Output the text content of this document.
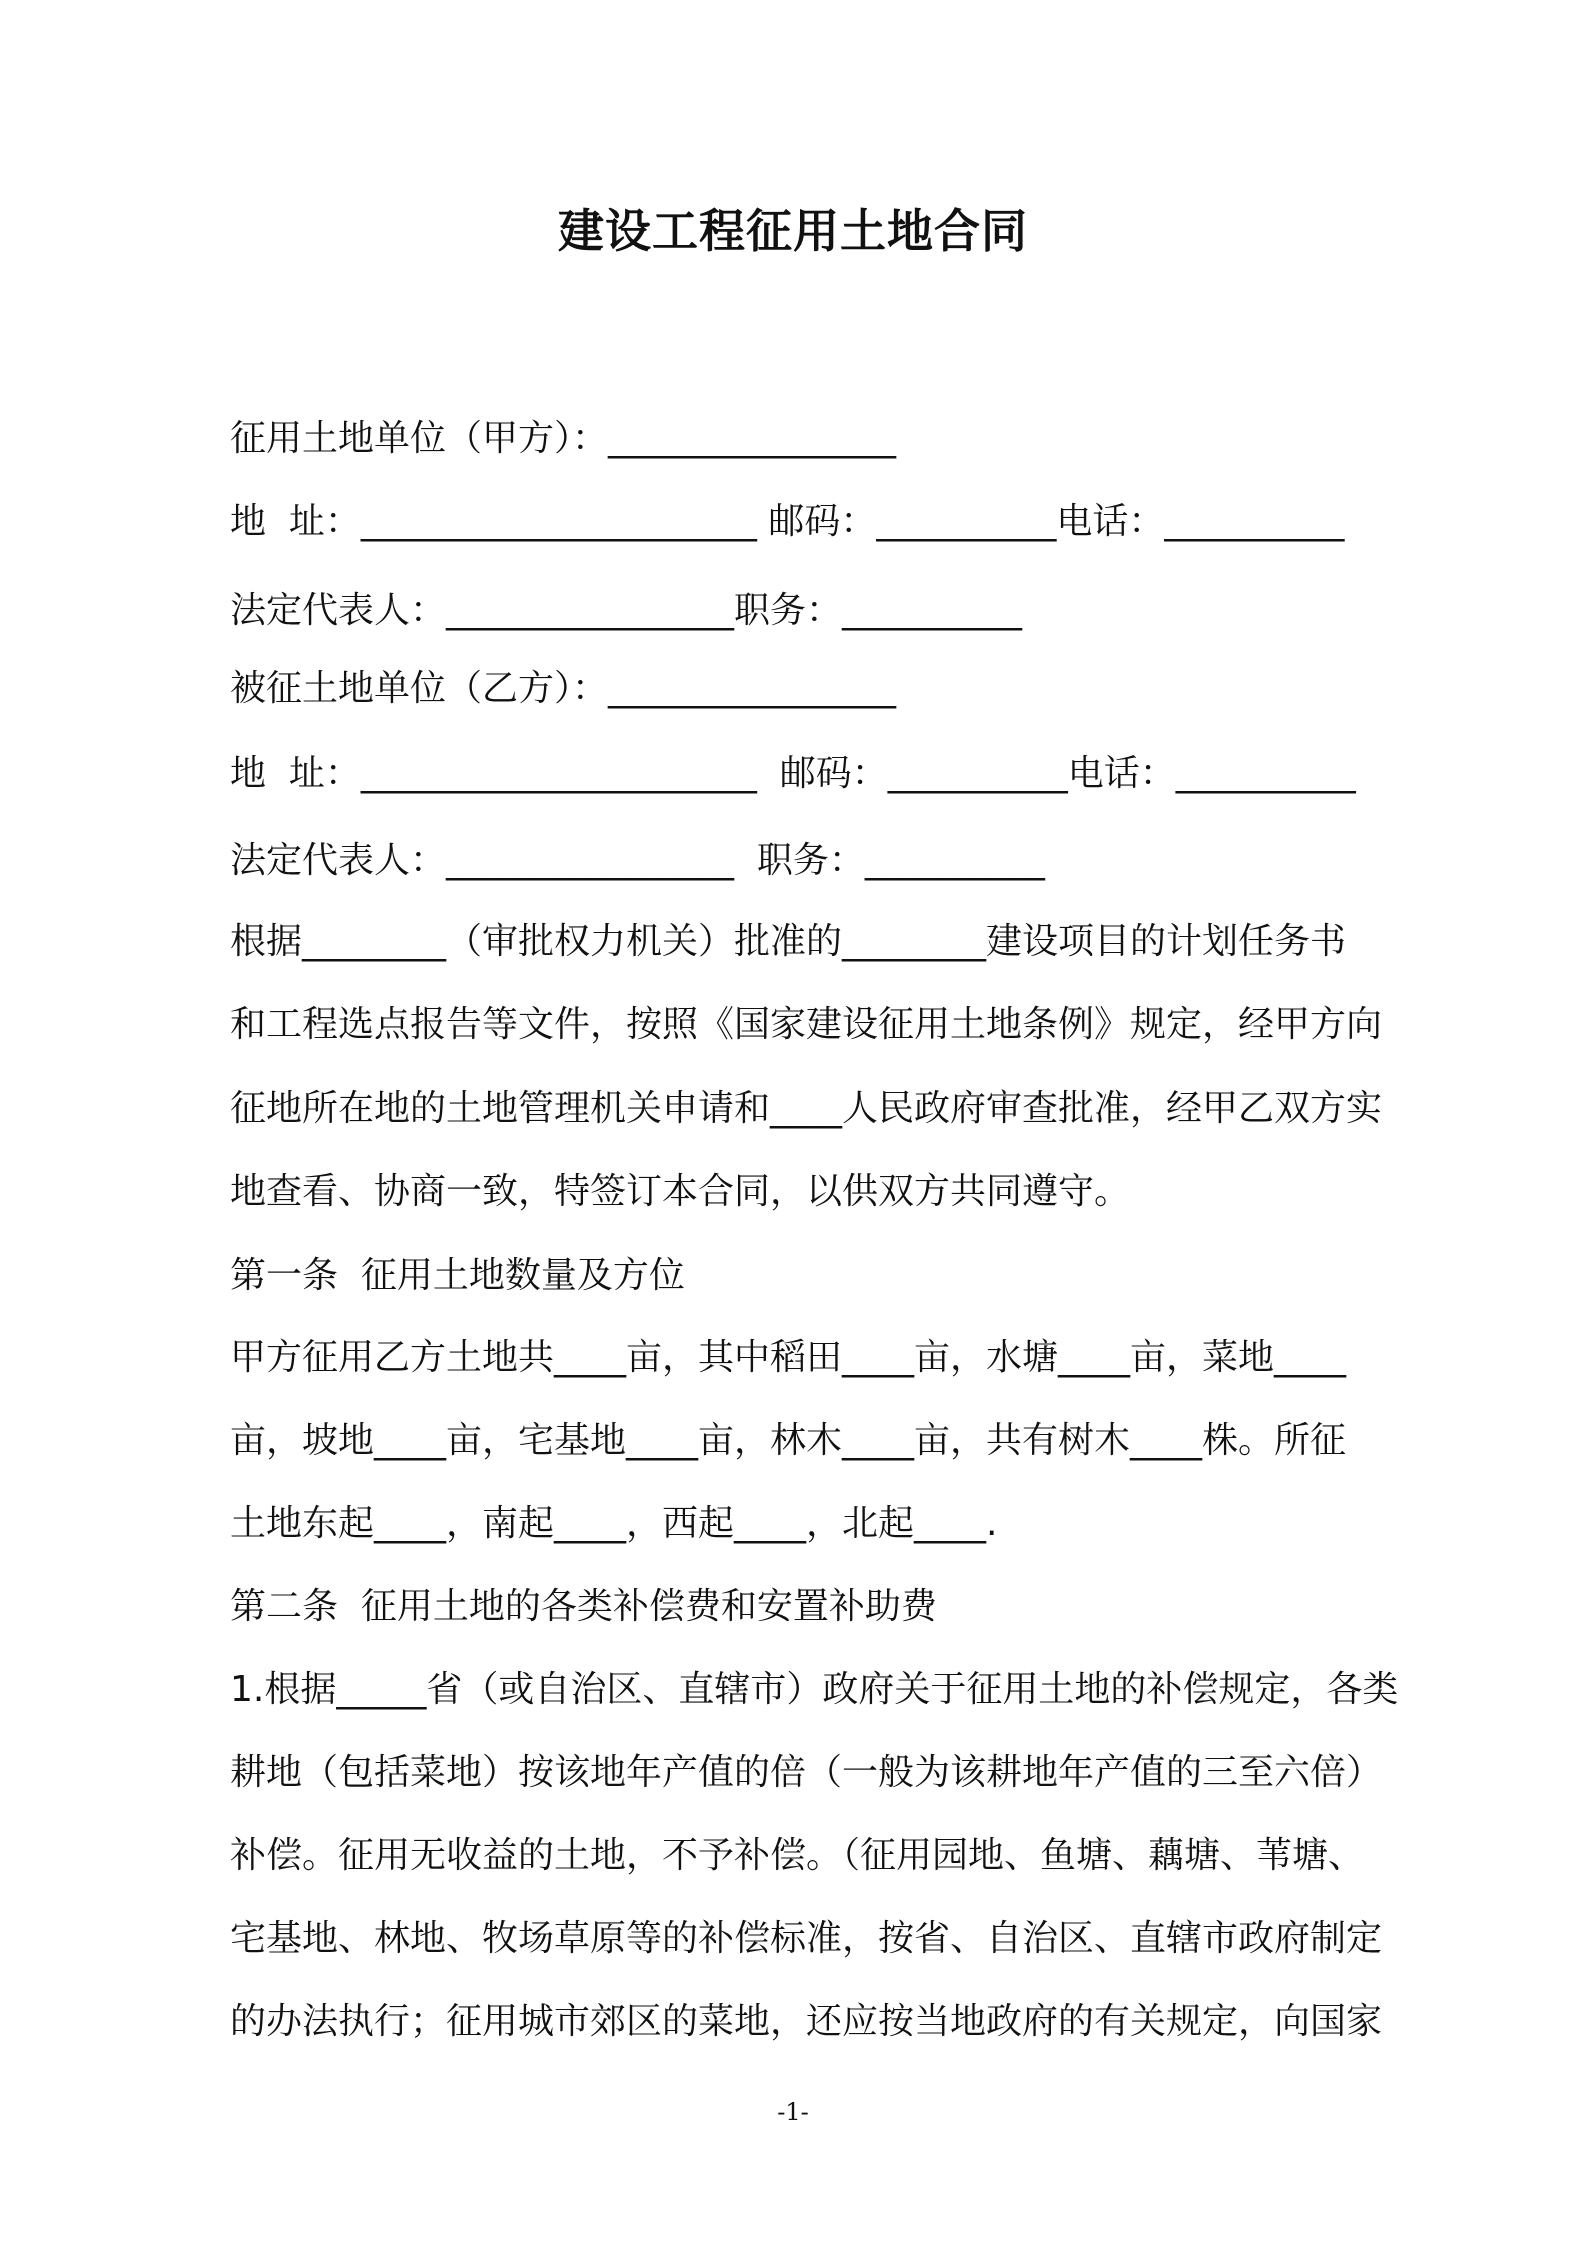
建设工程征用土地合同
征用土地单位（甲方）：________________
地  址：______________________ 邮码：__________电话：__________
法定代表人：________________职务：__________
被征土地单位（乙方）：________________
地  址：______________________  邮码：__________电话：__________
法定代表人：________________  职务：__________
根据________（审批权力机关）批准的________建设项目的计划任务书
和工程选点报告等文件，按照《国家建设征用土地条例》规定，经甲方向
征地所在地的土地管理机关申请和____人民政府审查批准，经甲乙双方实
地查看、协商一致，特签订本合同，以供双方共同遵守。
第一条  征用土地数量及方位
甲方征用乙方土地共____亩，其中稻田____亩，水塘____亩，菜地____
亩，坡地____亩，宅基地____亩，林木____亩，共有树木____株。所征
土地东起____，南起____，西起____，北起____.
第二条  征用土地的各类补偿费和安置补助费
1.根据_____省（或自治区、直辖市）政府关于征用土地的补偿规定，各类
耕地（包括菜地）按该地年产值的倍（一般为该耕地年产值的三至六倍）
补偿。征用无收益的土地，不予补偿。（征用园地、鱼塘、藕塘、苇塘、
宅基地、林地、牧场草原等的补偿标准，按省、自治区、直辖市政府制定
的办法执行；征用城市郊区的菜地，还应按当地政府的有关规定，向国家
-1-
